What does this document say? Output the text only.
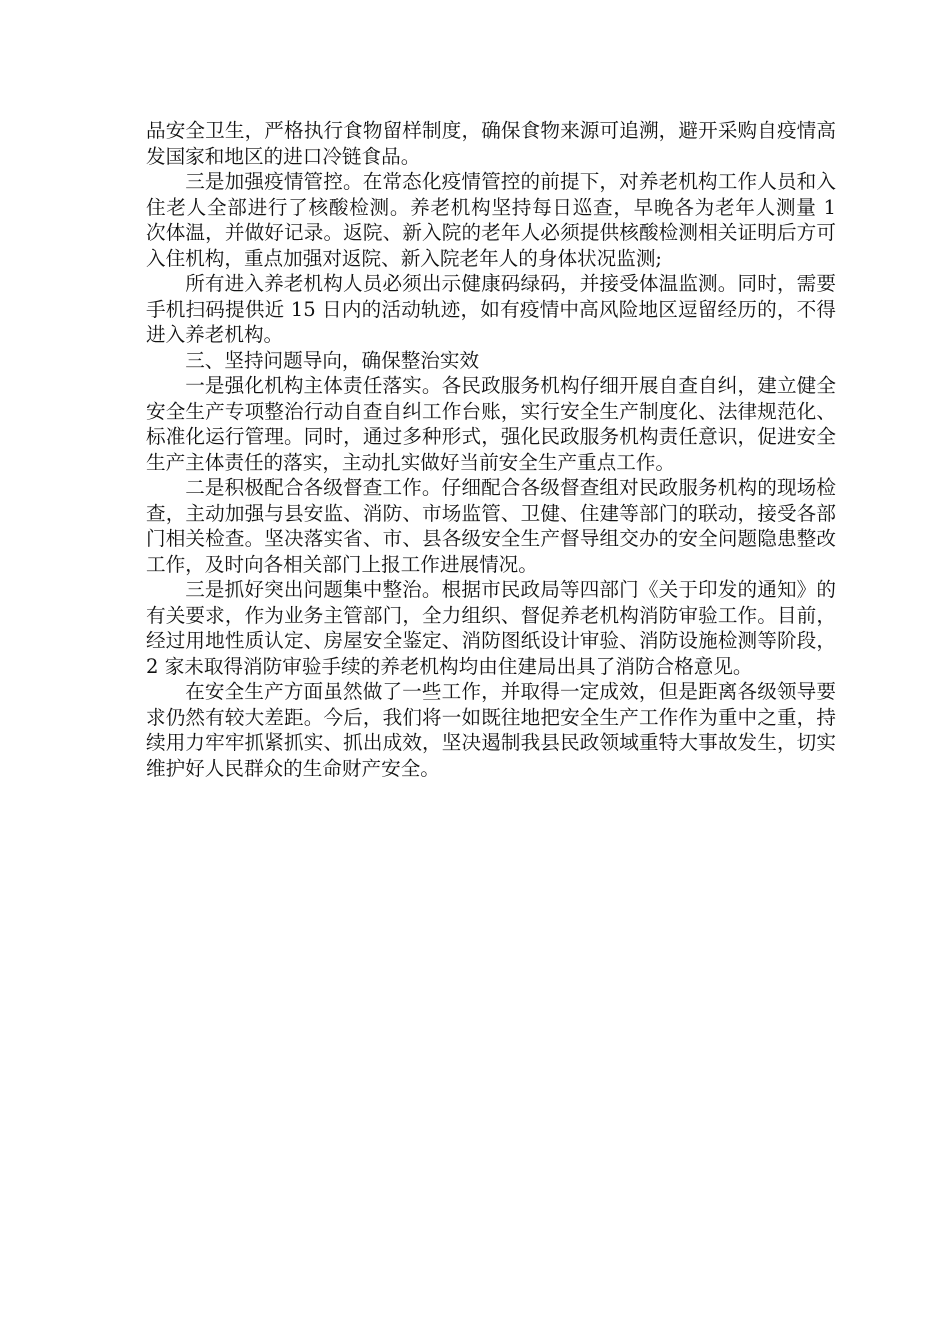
品安全卫生，严格执行食物留样制度，确保食物来源可追溯，避开采购自疫情高发国家和地区的进口冷链食品。

三是加强疫情管控。在常态化疫情管控的前提下，对养老机构工作人员和入住老人全部进行了核酸检测。养老机构坚持每日巡查，早晚各为老年人测量 1 次体温，并做好记录。返院、新入院的老年人必须提供核酸检测相关证明后方可入住机构，重点加强对返院、新入院老年人的身体状况监测;

所有进入养老机构人员必须出示健康码绿码，并接受体温监测。同时，需要手机扫码提供近 15 日内的活动轨迹，如有疫情中高风险地区逗留经历的，不得进入养老机构。

三、坚持问题导向，确保整治实效

一是强化机构主体责任落实。各民政服务机构仔细开展自查自纠，建立健全安全生产专项整治行动自查自纠工作台账，实行安全生产制度化、法律规范化、标准化运行管理。同时，通过多种形式，强化民政服务机构责任意识，促进安全生产主体责任的落实，主动扎实做好当前安全生产重点工作。

二是积极配合各级督查工作。仔细配合各级督查组对民政服务机构的现场检查，主动加强与县安监、消防、市场监管、卫健、住建等部门的联动，接受各部门相关检查。坚决落实省、市、县各级安全生产督导组交办的安全问题隐患整改工作，及时向各相关部门上报工作进展情况。

三是抓好突出问题集中整治。根据市民政局等四部门《关于印发的通知》的有关要求，作为业务主管部门，全力组织、督促养老机构消防审验工作。目前，经过用地性质认定、房屋安全鉴定、消防图纸设计审验、消防设施检测等阶段，2 家未取得消防审验手续的养老机构均由住建局出具了消防合格意见。

在安全生产方面虽然做了一些工作，并取得一定成效，但是距离各级领导要求仍然有较大差距。今后，我们将一如既往地把安全生产工作作为重中之重，持续用力牢牢抓紧抓实、抓出成效，坚决遏制我县民政领域重特大事故发生，切实维护好人民群众的生命财产安全。
